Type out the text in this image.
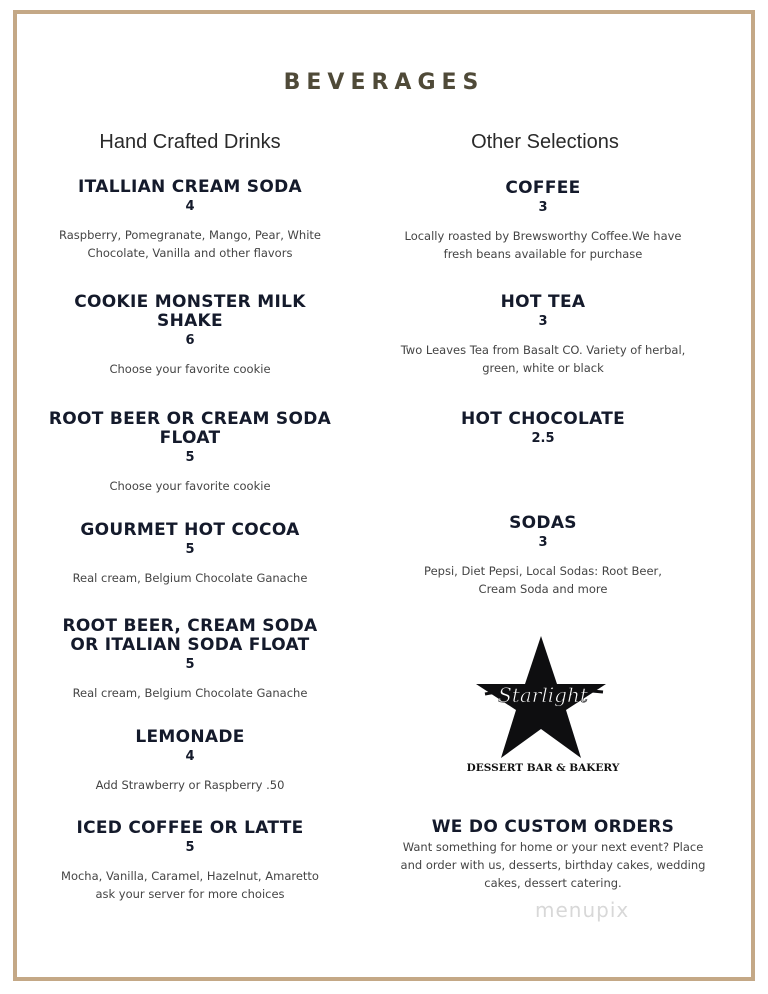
BEVERAGES
Hand Crafted Drinks	Other Selections
ITALLIAN CREAM SODA
4
Raspberry, Pomegranate, Mango, Pear, White Chocolate, Vanilla and other flavors
COOKIE MONSTER MILK SHAKE
6
Choose your favorite cookie
ROOT BEER OR CREAM SODA FLOAT
5
Choose your favorite cookie
GOURMET HOT COCOA
5
Real cream, Belgium Chocolate Ganache
ROOT BEER, CREAM SODA OR ITALIAN SODA FLOAT
5
Real cream, Belgium Chocolate Ganache
LEMONADE
4
Add Strawberry or Raspberry .50
ICED COFFEE OR LATTE
5
Mocha, Vanilla, Caramel, Hazelnut, Amaretto ask your server for more choices
COFFEE
3
Locally roasted by Brewsworthy Coffee.We have fresh beans available for purchase
HOT TEA
3
Two Leaves Tea from Basalt CO. Variety of herbal, green, white or black
HOT CHOCOLATE
2.5
SODAS
3
Pepsi, Diet Pepsi, Local Sodas: Root Beer, Cream Soda and more
Starlight
DESSERT BAR & BAKERY
WE DO CUSTOM ORDERS
Want something for home or your next event? Place and order with us, desserts, birthday cakes, wedding cakes, dessert catering.
menupix
